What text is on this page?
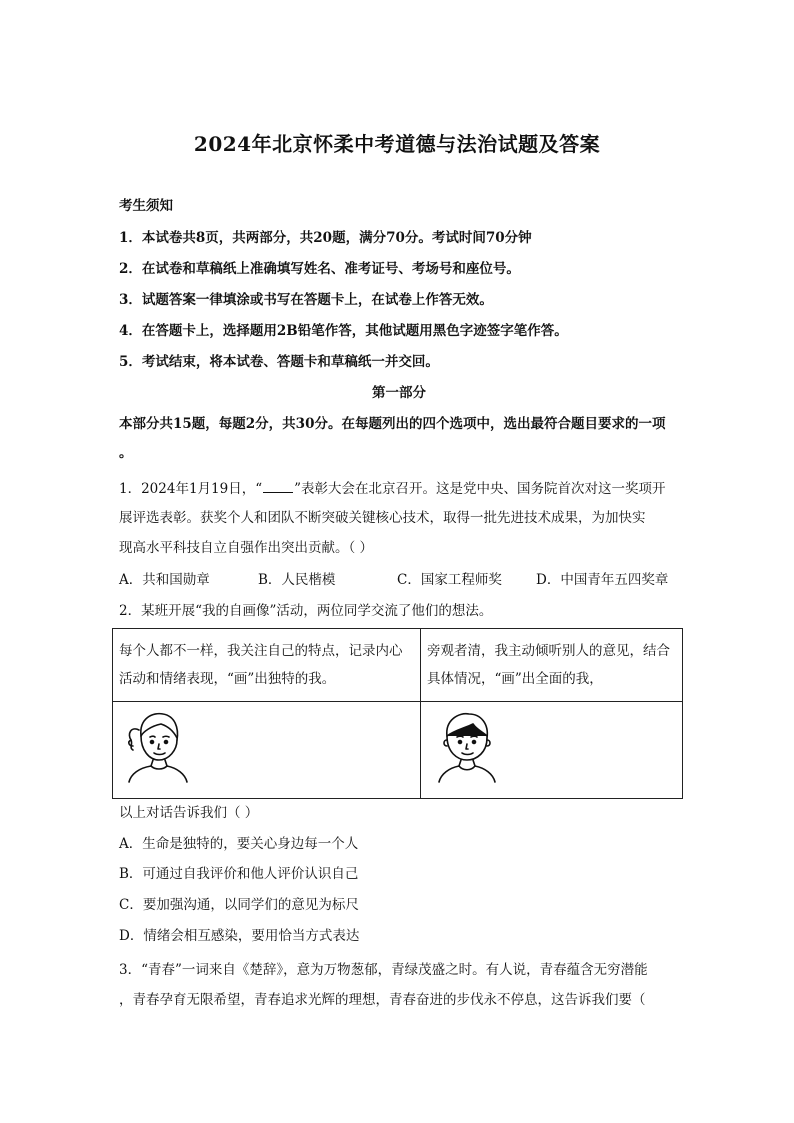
2024年北京怀柔中考道德与法治试题及答案
考生须知
1．本试卷共8页，共两部分，共20题，满分70分。考试时间70分钟
2．在试卷和草稿纸上准确填写姓名、准考证号、考场号和座位号。
3．试题答案一律填涂或书写在答题卡上，在试卷上作答无效。
4．在答题卡上，选择题用2B铅笔作答，其他试题用黑色字迹签字笔作答。
5．考试结束，将本试卷、答题卡和草稿纸一并交回。
第一部分
本部分共15题，每题2分，共30分。在每题列出的四个选项中，选出最符合题目要求的一项
。
1．2024年1月19日，“ ”表彰大会在北京召开。这是党中央、国务院首次对这一奖项开
展评选表彰。获奖个人和团队不断突破关键核心技术，取得一批先进技术成果，为加快实
现高水平科技自立自强作出突出贡献。（ ）
A．共和国勋章	B．人民楷模	C．国家工程师奖	D．中国青年五四奖章
2．某班开展“我的自画像”活动，两位同学交流了他们的想法。
每个人都不一样，我关注自己的特点，记录内心活动和情绪表现，“画”出独特的我。	旁观者清，我主动倾听别人的意见，结合具体情况，“画”出全面的我，

以上对话告诉我们（ ）
A．生命是独特的，要关心身边每一个人
B．可通过自我评价和他人评价认识自己
C．要加强沟通，以同学们的意见为标尺
D．情绪会相互感染，要用恰当方式表达
3．“青春”一词来自《楚辞》，意为万物葱郁，青绿茂盛之时。有人说，青春蕴含无穷潜能
，青春孕育无限希望，青春追求光辉的理想，青春奋进的步伐永不停息，这告诉我们要（
